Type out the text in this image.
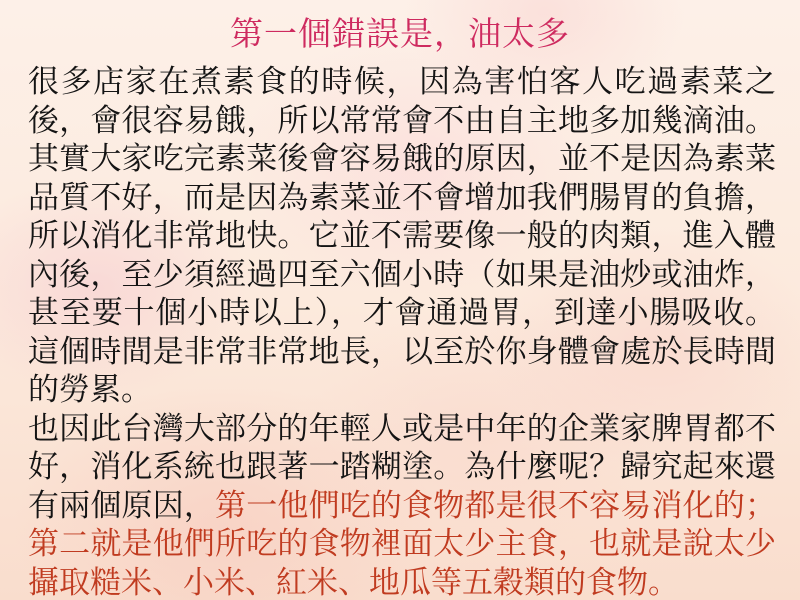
第一個錯誤是，油太多

很多店家在煮素食的時候，因為害怕客人吃過素菜之後，會很容易餓，所以常常會不由自主地多加幾滴油。其實大家吃完素菜後會容易餓的原因，並不是因為素菜品質不好，而是因為素菜並不會增加我們腸胃的負擔，所以消化非常地快。它並不需要像一般的肉類，進入體內後，至少須經過四至六個小時（如果是油炒或油炸，甚至要十個小時以上），才會通過胃，到達小腸吸收。這個時間是非常非常地長，以至於你身體會處於長時間的勞累。

也因此台灣大部分的年輕人或是中年的企業家脾胃都不好，消化系統也跟著一踏糊塗。為什麼呢？歸究起來還有兩個原因，第一他們吃的食物都是很不容易消化的；第二就是他們所吃的食物裡面太少主食，也就是說太少攝取糙米、小米、紅米、地瓜等五穀類的食物。
